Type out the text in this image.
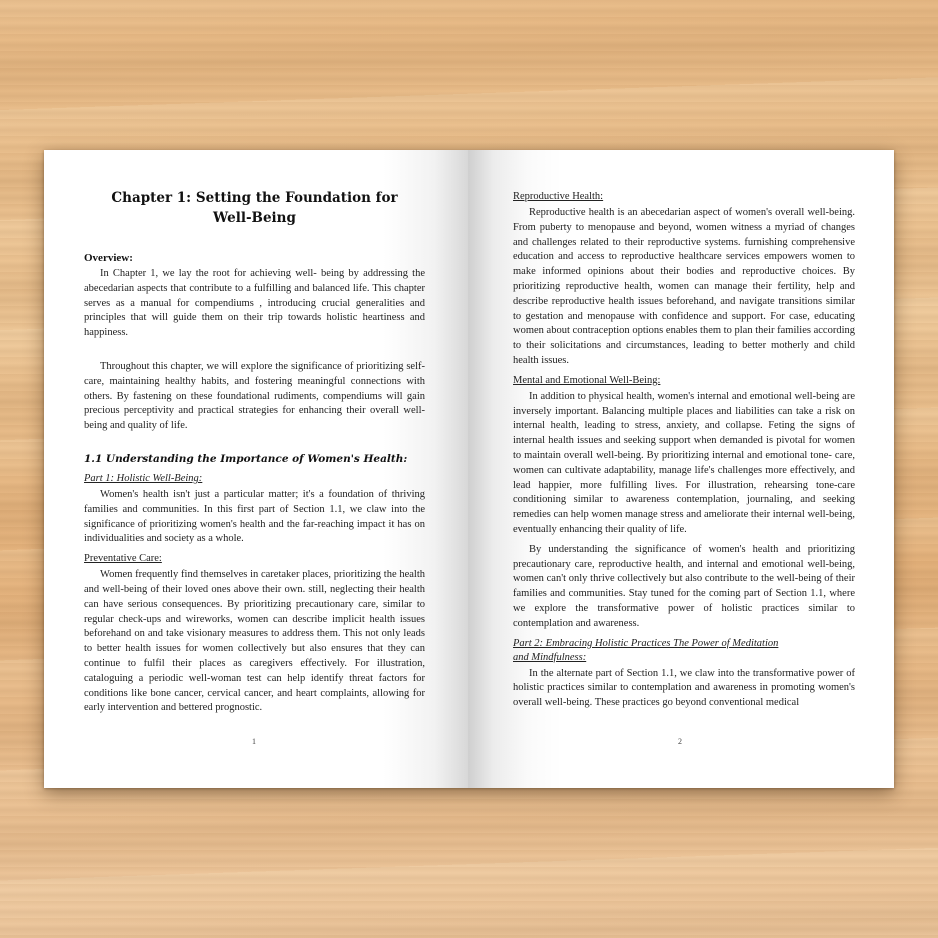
Chapter 1: Setting the Foundation for
Well-Being
Overview:

In Chapter 1, we lay the root for achieving well- being by addressing the abecedarian aspects that contribute to a fulfilling and balanced life. This chapter serves as a manual for compendiums , introducing crucial generalities and principles that will guide them on their trip towards holistic heartiness and happiness.

Throughout this chapter, we will explore the significance of prioritizing self-care, maintaining healthy habits, and fostering meaningful connections with others. By fastening on these foundational rudiments, compendiums will gain precious perceptivity and practical strategies for enhancing their overall well- being and quality of life.

1.1 Understanding the Importance of Women's Health:
Part 1: Holistic Well-Being:

Women's health isn't just a particular matter; it's a foundation of thriving families and communities. In this first part of Section 1.1, we claw into the significance of prioritizing women's health and the far-reaching impact it has on individualities and society as a whole.

Preventative Care:

Women frequently find themselves in caretaker places, prioritizing the health and well-being of their loved ones above their own. still, neglecting their health can have serious consequences. By prioritizing precautionary care, similar to regular check-ups and wireworks, women can describe implicit health issues beforehand on and take visionary measures to address them. This not only leads to better health issues for women collectively but also ensures that they can continue to fulfil their places as caregivers effectively. For illustration, cataloguing a periodic well-woman test can help identify threat factors for conditions like bone cancer, cervical cancer, and heart complaints, allowing for early intervention and bettered prognostic.

1
Reproductive Health:

Reproductive health is an abecedarian aspect of women's overall well-being. From puberty to menopause and beyond, women witness a myriad of changes and challenges related to their reproductive systems. furnishing comprehensive education and access to reproductive healthcare services empowers women to make informed opinions about their bodies and reproductive choices. By prioritizing reproductive health, women can manage their fertility, help and describe reproductive health issues beforehand, and navigate transitions similar to gestation and menopause with confidence and support. For case, educating women about contraception options enables them to plan their families according to their solicitations and circumstances, leading to better motherly and child health issues.

Mental and Emotional Well-Being:

In addition to physical health, women's internal and emotional well-being are inversely important. Balancing multiple places and liabilities can take a risk on internal health, leading to stress, anxiety, and collapse. Feting the signs of internal health issues and seeking support when demanded is pivotal for women to maintain overall well-being. By prioritizing internal and emotional tone- care, women can cultivate adaptability, manage life's challenges more effectively, and lead happier, more fulfilling lives. For illustration, rehearsing tone-care conditioning similar to awareness contemplation, journaling, and seeking remedies can help women manage stress and ameliorate their internal well-being, eventually enhancing their quality of life.

By understanding the significance of women's health and prioritizing precautionary care, reproductive health, and internal and emotional well-being, women can't only thrive collectively but also contribute to the well-being of their families and communities. Stay tuned for the coming part of Section 1.1, where we explore the transformative power of holistic practices similar to contemplation and awareness.

Part 2: Embracing Holistic Practices The Power of Meditation
and Mindfulness:

In the alternate part of Section 1.1, we claw into the transformative power of holistic practices similar to contemplation and awareness in promoting women's overall well-being. These practices go beyond conventional medical

2
